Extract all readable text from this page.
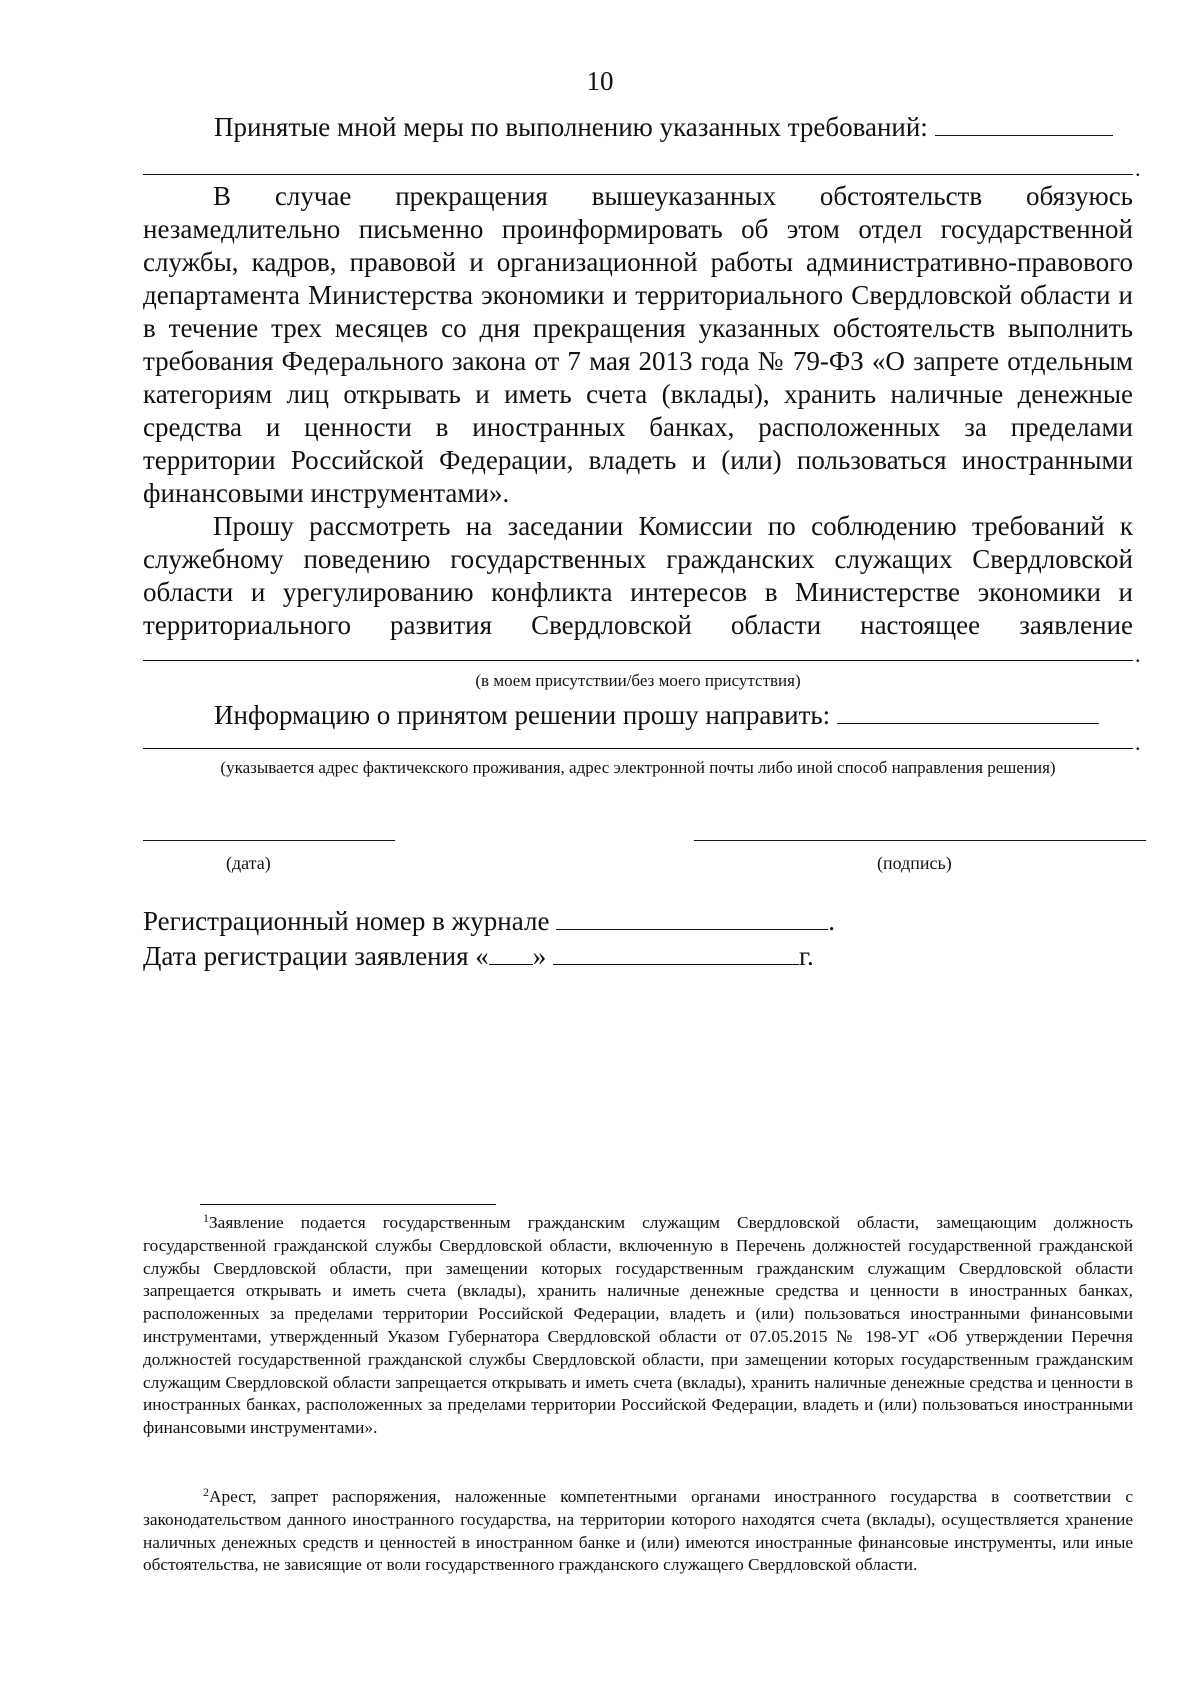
10
Принятые мной меры по выполнению указанных требований:
.
В случае прекращения вышеуказанных обстоятельств обязуюсь незамедлительно письменно проинформировать об этом отдел государственной службы, кадров, правовой и организационной работы административно-правового департамента Министерства экономики и территориального Свердловской области и в течение трех месяцев со дня прекращения указанных обстоятельств выполнить требования Федерального закона от 7 мая 2013 года № 79-ФЗ «О запрете отдельным категориям лиц открывать и иметь счета (вклады), хранить наличные денежные средства и ценности в иностранных банках, расположенных за пределами территории Российской Федерации, владеть и (или) пользоваться иностранными финансовыми инструментами».
Прошу рассмотреть на заседании Комиссии по соблюдению требований к служебному поведению государственных гражданских служащих Свердловской области и урегулированию конфликта интересов в Министерстве экономики и территориального развития Свердловской области настоящее заявление
.
(в моем присутствии/без моего присутствия)
Информацию о принятом решении прошу направить:
.
(указывается адрес фактичекского проживания, адрес электронной почты либо иной способ направления решения)
(дата)	(подпись)
Регистрационный номер в журнале	.
Дата регистрации заявления « »	г.
$^1$Заявление подается государственным гражданским служащим Свердловской области, замещающим должность государственной гражданской службы Свердловской области, включенную в Перечень должностей государственной гражданской службы Свердловской области, при замещении которых государственным гражданским служащим Свердловской области запрещается открывать и иметь счета (вклады), хранить наличные денежные средства и ценности в иностранных банках, расположенных за пределами территории Российской Федерации, владеть и (или) пользоваться иностранными финансовыми инструментами, утвержденный Указом Губернатора Свердловской области от 07.05.2015 № 198-УГ «Об утверждении Перечня должностей государственной гражданской службы Свердловской области, при замещении которых государственным гражданским служащим Свердловской области запрещается открывать и иметь счета (вклады), хранить наличные денежные средства и ценности в иностранных банках, расположенных за пределами территории Российской Федерации, владеть и (или) пользоваться иностранными финансовыми инструментами».
$^2$Арест, запрет распоряжения, наложенные компетентными органами иностранного государства в соответствии с законодательством данного иностранного государства, на территории которого находятся счета (вклады), осуществляется хранение наличных денежных средств и ценностей в иностранном банке и (или) имеются иностранные финансовые инструменты, или иные обстоятельства, не зависящие от воли государственного гражданского служащего Свердловской области.
